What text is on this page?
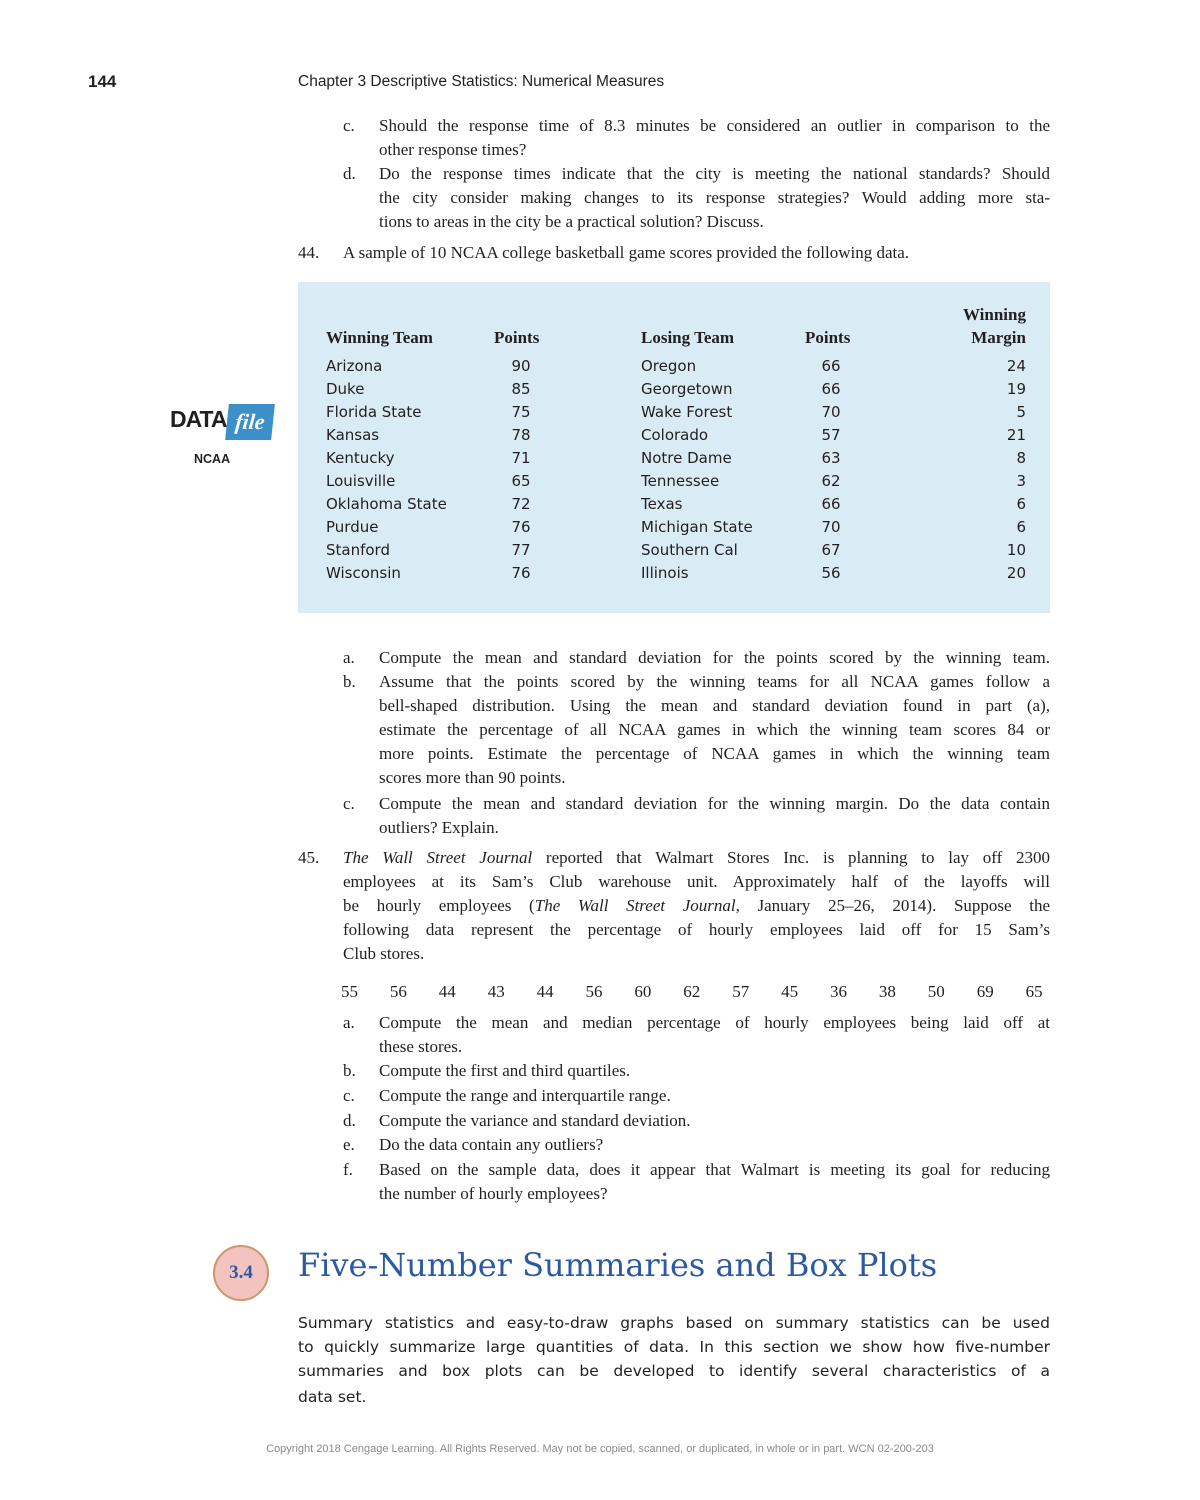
144	Chapter 3 Descriptive Statistics: Numerical Measures
c. Should the response time of 8.3 minutes be considered an outlier in comparison to the
other response times?
d. Do the response times indicate that the city is meeting the national standards? Should
the city consider making changes to its response strategies? Would adding more sta-
tions to areas in the city be a practical solution? Discuss.
44. A sample of 10 NCAA college basketball game scores provided the following data.
DATA file
NCAA
Winning
Winning Team	Points	Losing Team	Points	Margin
Arizona	90	Oregon	66	24
Duke	85	Georgetown	66	19
Florida State	75	Wake Forest	70	5
Kansas	78	Colorado	57	21
Kentucky	71	Notre Dame	63	8
Louisville	65	Tennessee	62	3
Oklahoma State	72	Texas	66	6
Purdue	76	Michigan State	70	6
Stanford	77	Southern Cal	67	10
Wisconsin	76	Illinois	56	20
a. Compute the mean and standard deviation for the points scored by the winning team.
b. Assume that the points scored by the winning teams for all NCAA games follow a
bell-shaped distribution. Using the mean and standard deviation found in part (a),
estimate the percentage of all NCAA games in which the winning team scores 84 or
more points. Estimate the percentage of NCAA games in which the winning team
scores more than 90 points.
c. Compute the mean and standard deviation for the winning margin. Do the data contain
outliers? Explain.
45. The Wall Street Journal reported that Walmart Stores Inc. is planning to lay off 2300
employees at its Sam’s Club warehouse unit. Approximately half of the layoffs will
be hourly employees (The Wall Street Journal, January 25–26, 2014). Suppose the
following data represent the percentage of hourly employees laid off for 15 Sam’s
Club stores.
55 56 44 43 44 56 60 62 57 45 36 38 50 69 65
a. Compute the mean and median percentage of hourly employees being laid off at
these stores.
b. Compute the first and third quartiles.
c. Compute the range and interquartile range.
d. Compute the variance and standard deviation.
e. Do the data contain any outliers?
f. Based on the sample data, does it appear that Walmart is meeting its goal for reducing
the number of hourly employees?
3.4	Five-Number Summaries and Box Plots
Summary statistics and easy-to-draw graphs based on summary statistics can be used
to quickly summarize large quantities of data. In this section we show how five-number
summaries and box plots can be developed to identify several characteristics of a
data set.
Copyright 2018 Cengage Learning. All Rights Reserved. May not be copied, scanned, or duplicated, in whole or in part. WCN 02-200-203
